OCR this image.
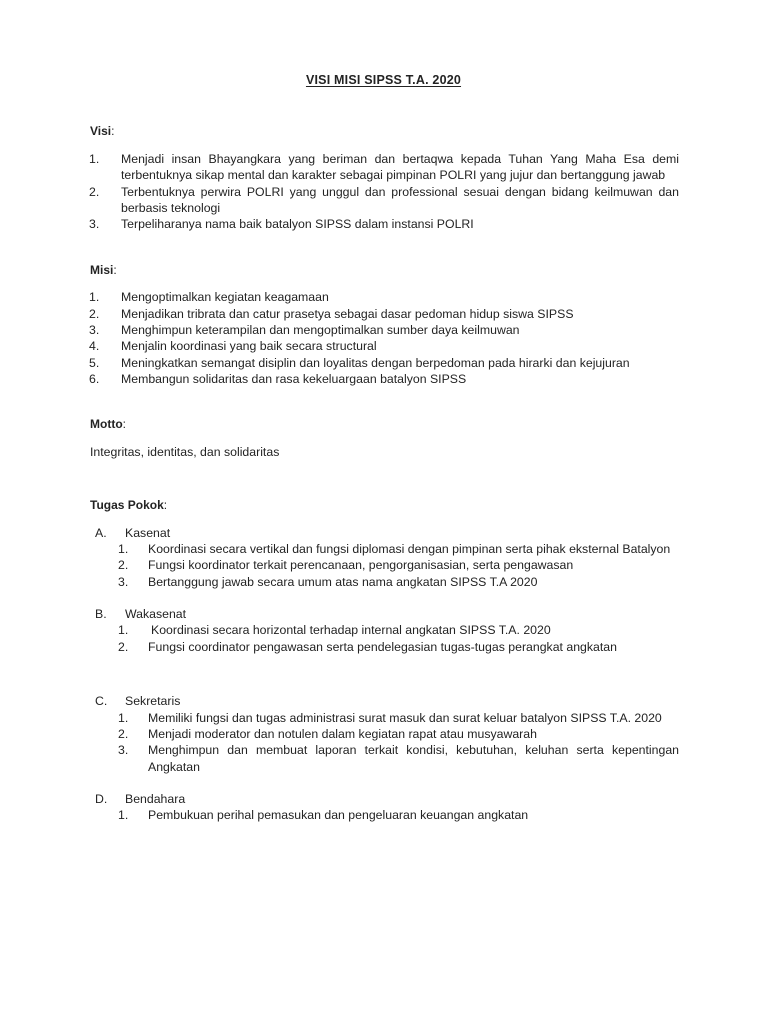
VISI MISI SIPSS T.A. 2020
Visi:
1.	Menjadi insan Bhayangkara yang beriman dan bertaqwa kepada Tuhan Yang Maha Esa demi terbentuknya sikap mental dan karakter sebagai pimpinan POLRI yang jujur dan bertanggung jawab
2.	Terbentuknya perwira POLRI yang unggul dan professional sesuai dengan bidang keilmuwan dan berbasis teknologi
3.	Terpeliharanya nama baik batalyon SIPSS dalam instansi POLRI
Misi:
1.	Mengoptimalkan kegiatan keagamaan
2.	Menjadikan tribrata dan catur prasetya sebagai dasar pedoman hidup siswa SIPSS
3.	Menghimpun keterampilan dan mengoptimalkan sumber daya keilmuwan
4.	Menjalin koordinasi yang baik secara structural
5.	Meningkatkan semangat disiplin dan loyalitas dengan berpedoman pada hirarki dan kejujuran
6.	Membangun solidaritas dan rasa kekeluargaan batalyon SIPSS
Motto:

Integritas, identitas, dan solidaritas

Tugas Pokok:
A.	Kasenat
1.	Koordinasi secara vertikal dan fungsi diplomasi dengan pimpinan serta pihak eksternal Batalyon
2.	Fungsi koordinator terkait perencanaan, pengorganisasian, serta pengawasan
3.	Bertanggung jawab secara umum atas nama angkatan SIPSS T.A 2020
B.	Wakasenat
1.	Koordinasi secara horizontal terhadap internal angkatan SIPSS T.A. 2020
2.	Fungsi coordinator pengawasan serta pendelegasian tugas-tugas perangkat angkatan
C.	Sekretaris
1.	Memiliki fungsi dan tugas administrasi surat masuk dan surat keluar batalyon SIPSS T.A. 2020
2.	Menjadi moderator dan notulen dalam kegiatan rapat atau musyawarah
3.	Menghimpun dan membuat laporan terkait kondisi, kebutuhan, keluhan serta kepentingan Angkatan
D.	Bendahara
1.	Pembukuan perihal pemasukan dan pengeluaran keuangan angkatan
